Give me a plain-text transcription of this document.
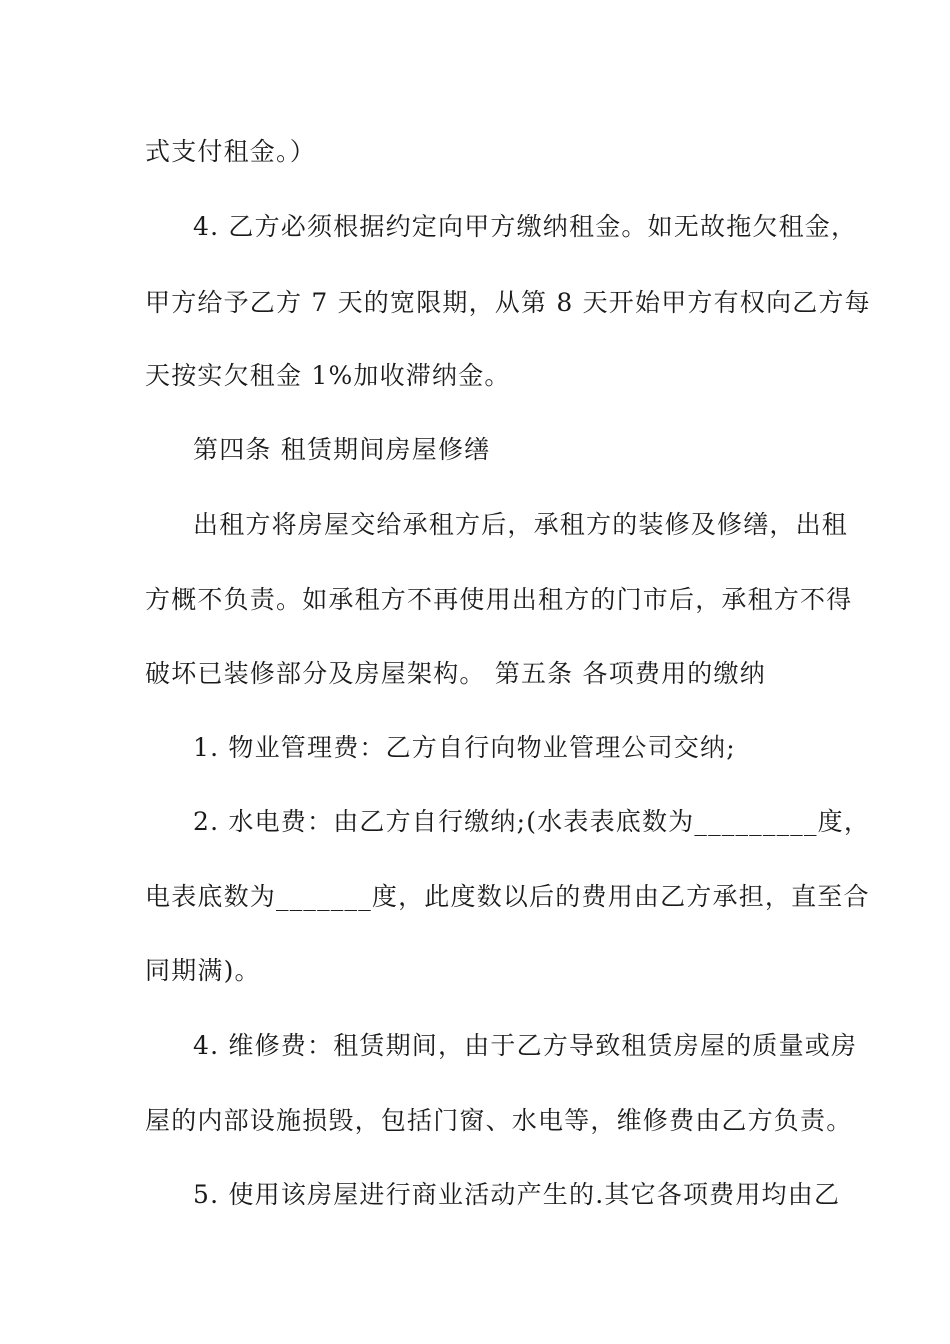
式支付租金。）
4. 乙方必须根据约定向甲方缴纳租金。如无故拖欠租金，
甲方给予乙方 7 天的宽限期，从第 8 天开始甲方有权向乙方每
天按实欠租金 1%加收滞纳金。
第四条 租赁期间房屋修缮
出租方将房屋交给承租方后，承租方的装修及修缮，出租
方概不负责。如承租方不再使用出租方的门市后，承租方不得
破坏已装修部分及房屋架构。 第五条 各项费用的缴纳
1. 物业管理费：乙方自行向物业管理公司交纳;
2. 水电费：由乙方自行缴纳;(水表表底数为_________度，
电表底数为_______度，此度数以后的费用由乙方承担，直至合
同期满)。
4. 维修费：租赁期间，由于乙方导致租赁房屋的质量或房
屋的内部设施损毁，包括门窗、水电等，维修费由乙方负责。
5. 使用该房屋进行商业活动产生的.其它各项费用均由乙
